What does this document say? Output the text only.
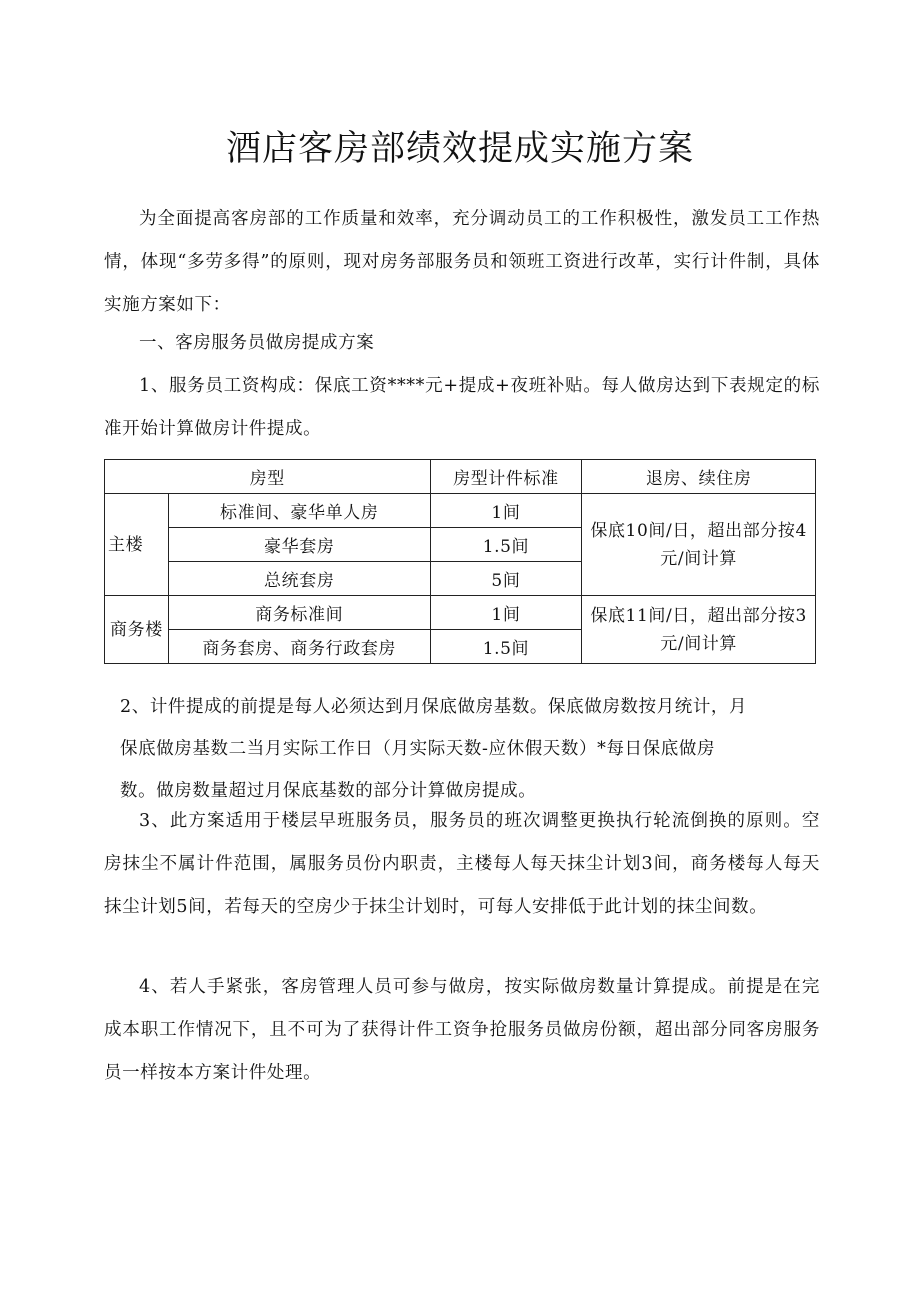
酒店客房部绩效提成实施方案

为全面提高客房部的工作质量和效率，充分调动员工的工作积极性，激发员工工作热情，体现“多劳多得”的原则，现对房务部服务员和领班工资进行改革，实行计件制，具体实施方案如下：

一、客房服务员做房提成方案

1、服务员工资构成：保底工资****元+提成+夜班补贴。每人做房达到下表规定的标准开始计算做房计件提成。

房型		房型计件标准	退房、续住房
主楼	标准间、豪华单人房	1间	保底10间/日，超出部分按4元/间计算
	豪华套房	1.5间	
	总统套房	5间	
商务楼	商务标准间	1间	保底11间/日，超出部分按3元/间计算
	商务套房、商务行政套房	1.5间	

2、计件提成的前提是每人必须达到月保底做房基数。保底做房数按月统计，月
保底做房基数二当月实际工作日（月实际天数-应休假天数）*每日保底做房
数。做房数量超过月保底基数的部分计算做房提成。

3、此方案适用于楼层早班服务员，服务员的班次调整更换执行轮流倒换的原则。空房抹尘不属计件范围，属服务员份内职责，主楼每人每天抹尘计划3间，商务楼每人每天抹尘计划5间，若每天的空房少于抹尘计划时，可每人安排低于此计划的抹尘间数。

4、若人手紧张，客房管理人员可参与做房，按实际做房数量计算提成。前提是在完成本职工作情况下，且不可为了获得计件工资争抢服务员做房份额，超出部分同客房服务员一样按本方案计件处理。
